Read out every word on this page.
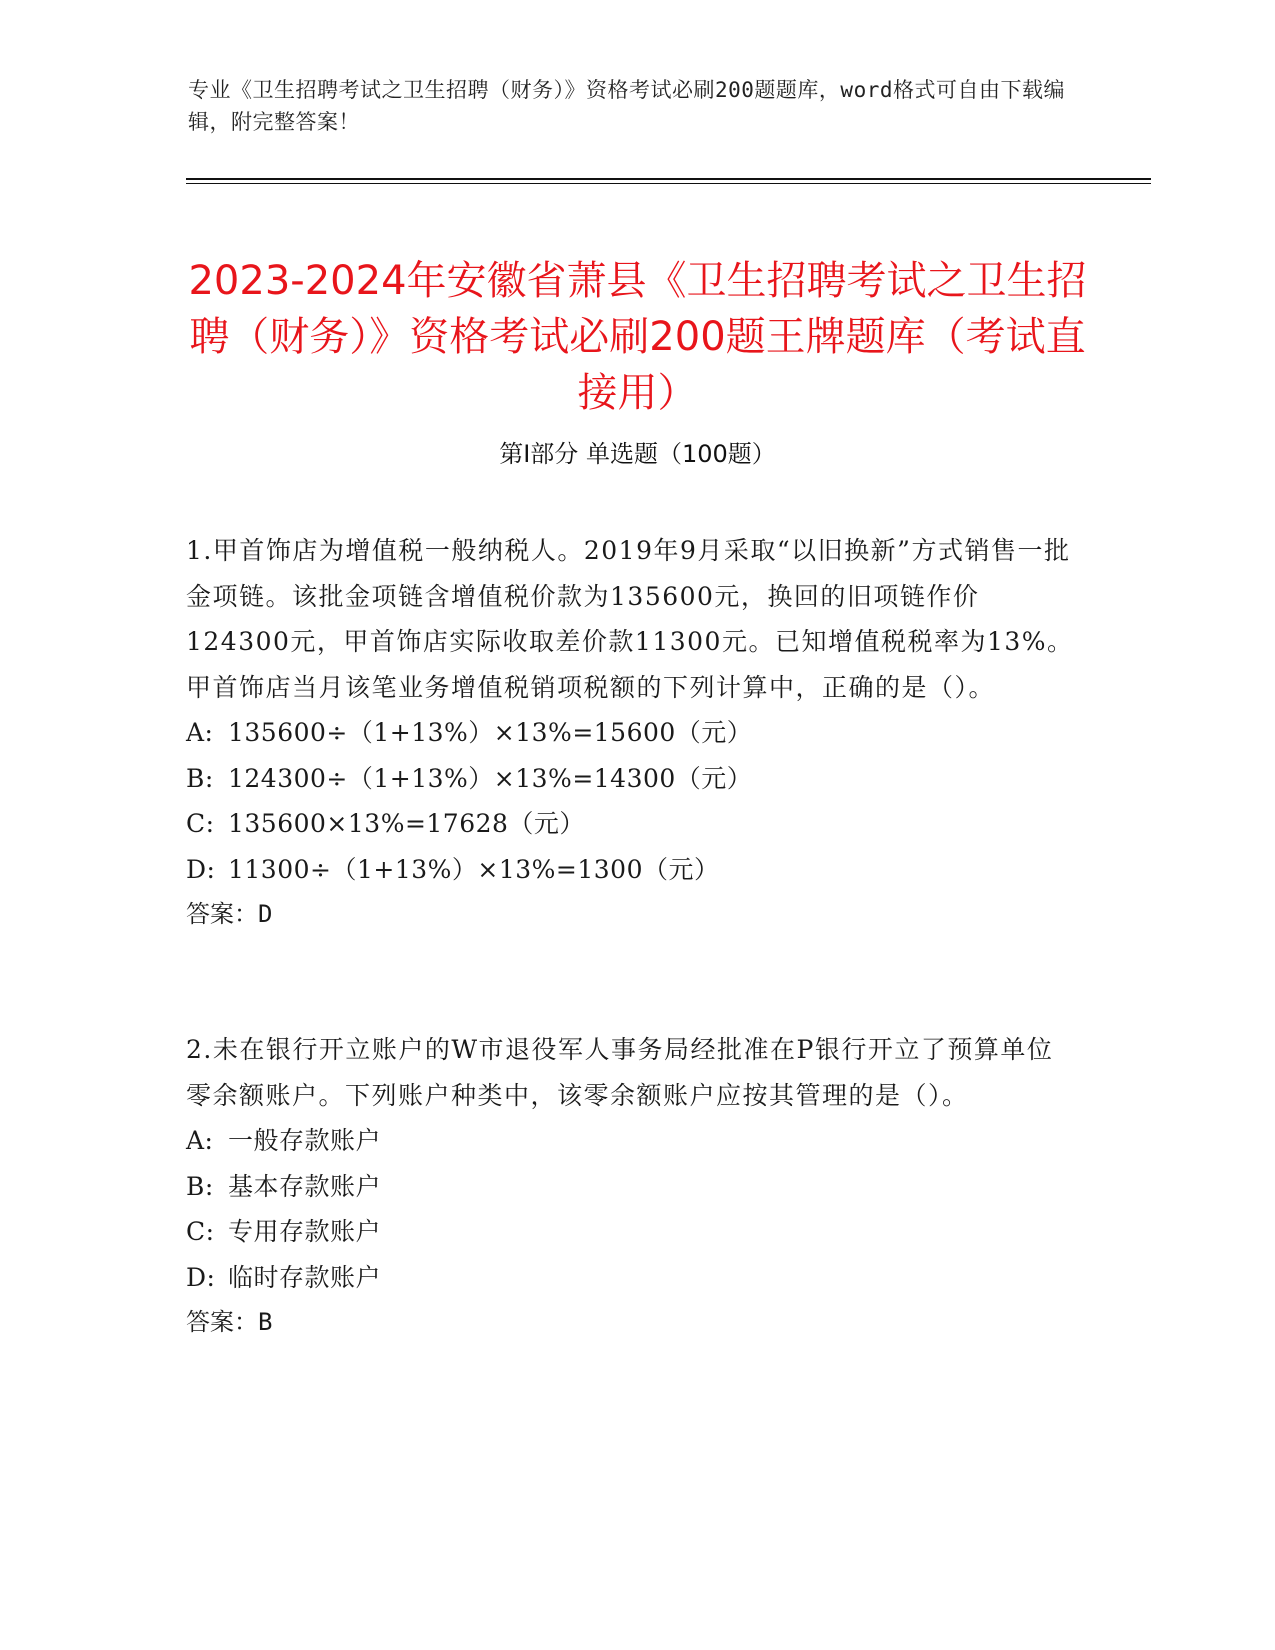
专业《卫生招聘考试之卫生招聘（财务）》资格考试必刷200题题库，word格式可自由下载编辑，附完整答案！
2023-2024年安徽省萧县《卫生招聘考试之卫生招聘（财务）》资格考试必刷200题王牌题库（考试直接用）
第Ⅰ部分 单选题（100题）

1.甲首饰店为增值税一般纳税人。2019年9月采取“以旧换新”方式销售一批金项链。该批金项链含增值税价款为135600元，换回的旧项链作价124300元，甲首饰店实际收取差价款11300元。已知增值税税率为13%。甲首饰店当月该笔业务增值税销项税额的下列计算中，正确的是（）。

A: 135600÷（1+13%）×13%=15600（元）

B: 124300÷（1+13%）×13%=14300（元）

C: 135600×13%=17628（元）

D: 11300÷（1+13%）×13%=1300（元）

答案：D

2.未在银行开立账户的W市退役军人事务局经批准在P银行开立了预算单位零余额账户。下列账户种类中，该零余额账户应按其管理的是（）。

A: 一般存款账户

B: 基本存款账户

C: 专用存款账户

D: 临时存款账户

答案：B
